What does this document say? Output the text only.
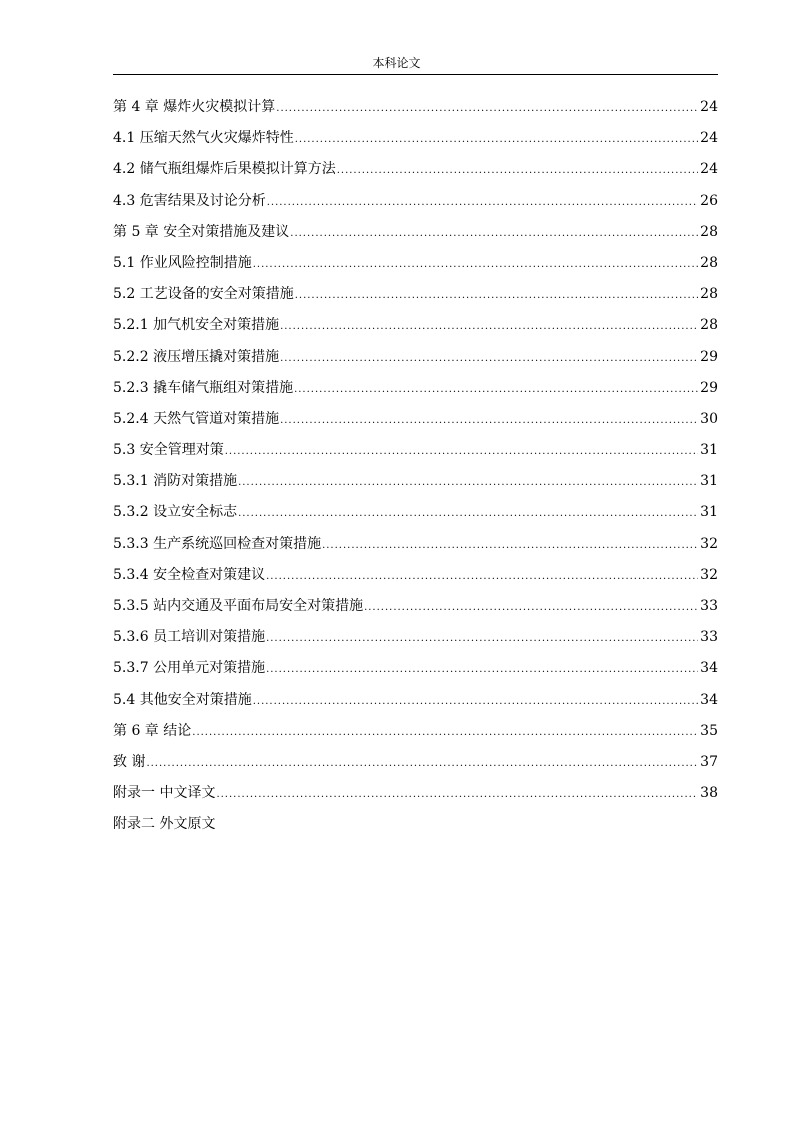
本科论文
第 4 章 爆炸火灾模拟计算 .....	24
4.1 压缩天然气火灾爆炸特性 .....	24
4.2 储气瓶组爆炸后果模拟计算方法 .....	24
4.3 危害结果及讨论分析 .....	26
第 5 章 安全对策措施及建议 .....	28
5.1 作业风险控制措施 .....	28
5.2 工艺设备的安全对策措施 .....	28
5.2.1 加气机安全对策措施 .....	28
5.2.2 液压增压撬对策措施 .....	29
5.2.3 撬车储气瓶组对策措施 .....	29
5.2.4 天然气管道对策措施 .....	30
5.3 安全管理对策 .....	31
5.3.1 消防对策措施 .....	31
5.3.2 设立安全标志 .....	31
5.3.3 生产系统巡回检查对策措施 .....	32
5.3.4 安全检查对策建议 .....	32
5.3.5 站内交通及平面布局安全对策措施 .....	33
5.3.6 员工培训对策措施 .....	33
5.3.7 公用单元对策措施 .....	34
5.4 其他安全对策措施 .....	34
第 6 章 结论 .....	35
致 谢 .....	37
附录一 中文译文 .....	38
附录二 外文原文
